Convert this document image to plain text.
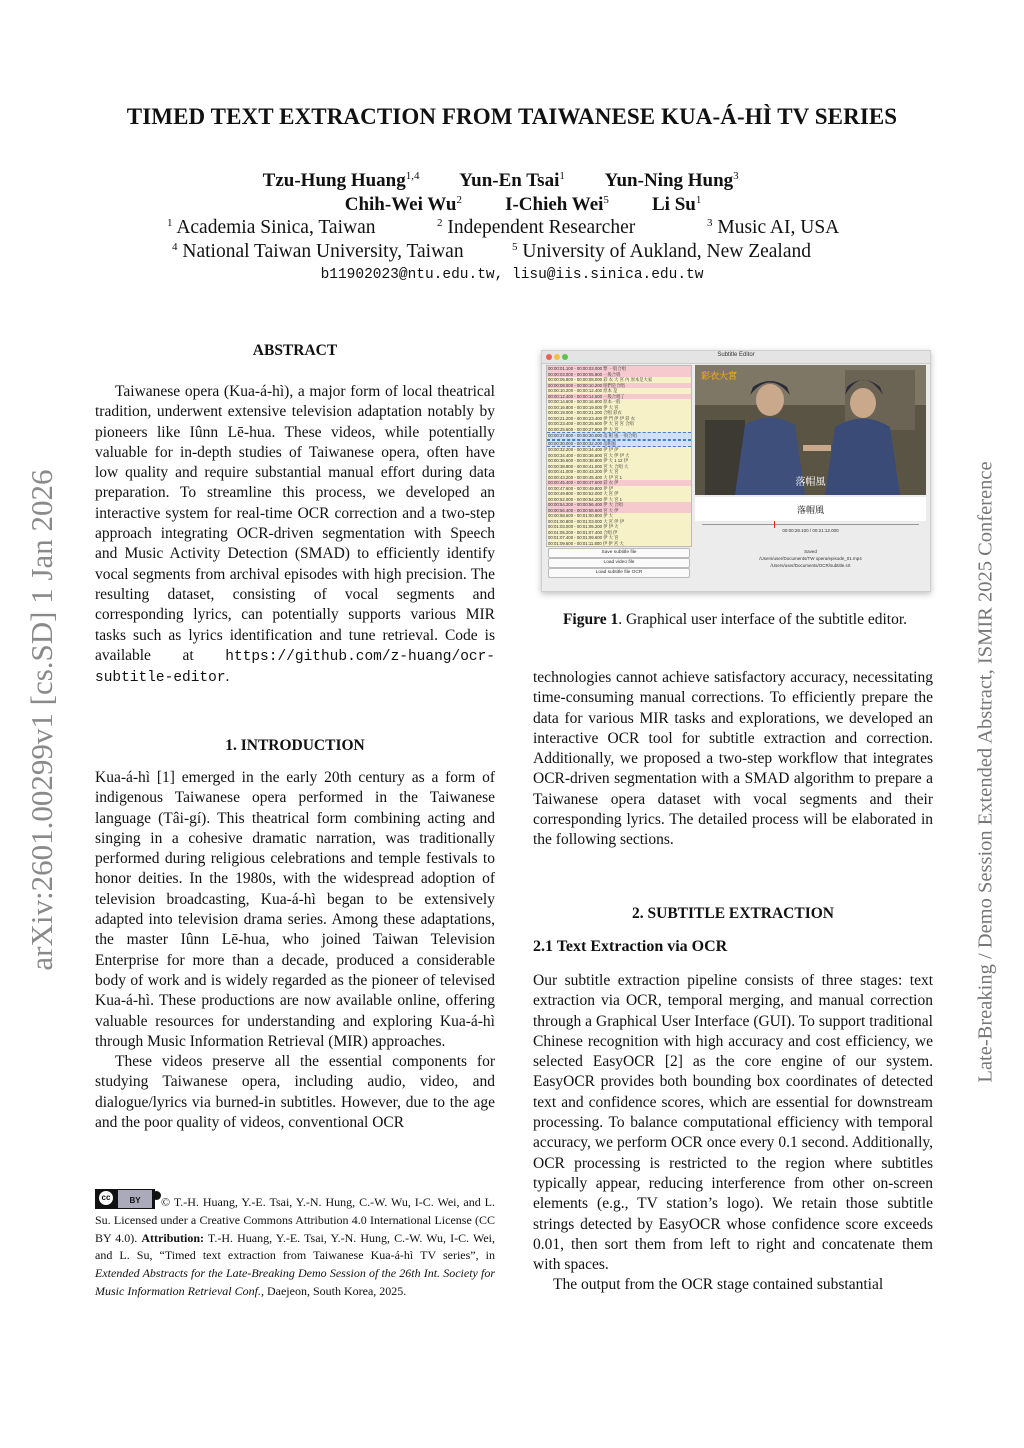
arXiv:2601.00299v1 [cs.SD] 1 Jan 2026	Late-Breaking / Demo Session Extended Abstract, ISMIR 2025 Conference
TIMED TEXT EXTRACTION FROM TAIWANESE KUA-Á-HÌ TV SERIES
Tzu-Hung Huang$^{1,4}$ Yun-En Tsai$^1$ Yun-Ning Hung$^3$
Chih-Wei Wu$^2$ I-Chieh Wei$^5$ Li Su$^1$
$^1$ Academia Sinica, Taiwan	$^2$ Independent Researcher	$^3$ Music AI, USA
$^4$ National Taiwan University, Taiwan	$^5$ University of Aukland, New Zealand
b11902023@ntu.edu.tw, lisu@iis.sinica.edu.tw
ABSTRACT

Taiwanese opera (Kua-á-hì), a major form of local theatrical tradition, underwent extensive television adaptation notably by pioneers like Iûnn Lē-hua. These videos, while potentially valuable for in-depth studies of Taiwanese opera, often have low quality and require substantial manual effort during data preparation. To streamline this process, we developed an interactive system for real-time OCR correction and a two-step approach integrating OCR-driven segmentation with Speech and Music Activity Detection (SMAD) to efficiently identify vocal segments from archival episodes with high precision. The resulting dataset, consisting of vocal segments and corresponding lyrics, can potentially supports various MIR tasks such as lyrics identification and tune retrieval. Code is available at https://github.com/z-huang/ocr-subtitle-editor.

1. INTRODUCTION

Kua-á-hì [1] emerged in the early 20th century as a form of indigenous Taiwanese opera performed in the Taiwanese language (Tâi-gí). This theatrical form combining acting and singing in a cohesive dramatic narration, was traditionally performed during religious celebrations and temple festivals to honor deities. In the 1980s, with the widespread adoption of television broadcasting, Kua-á-hì began to be extensively adapted into television drama series. Among these adaptations, the master Iûnn Lē-hua, who joined Taiwan Television Enterprise for more than a decade, produced a considerable body of work and is widely regarded as the pioneer of televised Kua-á-hì. These productions are now available online, offering valuable resources for understanding and exploring Kua-á-hì through Music Information Retrieval (MIR) approaches.

These videos preserve all the essential components for studying Taiwanese opera, including audio, video, and dialogue/lyrics via burned-in subtitles. However, due to the age and the poor quality of videos, conventional OCR

cc	BY	© T.-H. Huang, Y.-E. Tsai, Y.-N. Hung, C.-W. Wu, I-C. Wei, and L. Su. Licensed under a Creative Commons Attribution 4.0 International License (CC BY 4.0). Attribution: T.-H. Huang, Y.-E. Tsai, Y.-N. Hung, C.-W. Wu, I-C. Wei, and L. Su, “Timed text extraction from Taiwanese Kua-á-hì TV series”, in Extended Abstracts for the Late-Breaking Demo Session of the 26th Int. Society for Music Information Retrieval Conf., Daejeon, South Korea, 2025.
Subtitle Editor
00:00:01.100 - 00:00:03.000 繁 一般合唱
00:00:03.000 - 00:00:05.800 一般合唱
00:00:05.800 - 00:00:08.000 彩 衣 大 宮 內 原本是大家
00:00:08.000 - 00:00:10.200 咱們是合唱
00:00:10.200 - 00:00:12.400 原本 是
00:00:12.400 - 00:00:14.600 一般合唱了
00:00:14.600 - 00:00:16.800 原本一般
00:00:16.800 - 00:00:19.000 伊 大 宮
00:00:19.000 - 00:00:21.200 合唱 彩衣
00:00:21.200 - 00:00:23.400 伊 門 伊 伊 彩 衣
00:00:23.400 - 00:00:25.600 伊 大 宮 宮 合唱
00:00:25.600 - 00:00:27.800 伊 大 宮
00:00:27.800 - 00:00:30.000 落 帽 風 一般合唱
00:00:30.000 - 00:00:32.200 落帽風
00:00:32.200 - 00:00:34.400 伊 伊 伊
00:00:34.400 - 00:00:36.600 宮 大 伊 伊 大
00:00:36.600 - 00:00:38.800 伊 大 1 12 伊
00:00:38.800 - 00:00:41.000 宮 大 合唱 大
00:00:41.000 - 00:00:43.200 伊 大 宮
00:00:43.200 - 00:00:45.400 大 伊 宮 1
00:00:45.400 - 00:00:47.600 彩 衣 伊
00:00:47.600 - 00:00:49.800 伊 伊
00:00:49.800 - 00:00:52.000 大 宮 伊
00:00:52.000 - 00:00:54.200 伊 大 宮 1
00:00:54.200 - 00:00:56.400 伊 大 合唱
00:00:56.400 - 00:00:58.600 宮 大 伊
00:00:58.600 - 00:01:00.800 伊 大
00:01:00.800 - 00:01:03.000 大 宮 伊 伊
00:01:03.000 - 00:01:05.200 伊 伊 大
00:01:05.200 - 00:01:07.400 合唱 伊
00:01:07.400 - 00:01:09.600 伊 大 宮
00:01:09.600 - 00:01:11.800 伊 伊 宮 大
Save subtitle file
Load video file
Load subtitle file OCR
彩衣大宮
落帽風
落帽風
00:00:28.100 / 00:21:12.000
Saved
/Users/user/Documents/TW opera/episode_01.mp4
/Users/user/Documents/OCR/subtitle.srt
Figure 1. Graphical user interface of the subtitle editor.

technologies cannot achieve satisfactory accuracy, necessitating time-consuming manual corrections. To efficiently prepare the data for various MIR tasks and explorations, we developed an interactive OCR tool for subtitle extraction and correction. Additionally, we proposed a two-step workflow that integrates OCR-driven segmentation with a SMAD algorithm to prepare a Taiwanese opera dataset with vocal segments and their corresponding lyrics. The detailed process will be elaborated in the following sections.

2. SUBTITLE EXTRACTION
2.1 Text Extraction via OCR

Our subtitle extraction pipeline consists of three stages: text extraction via OCR, temporal merging, and manual correction through a Graphical User Interface (GUI). To support traditional Chinese recognition with high accuracy and cost efficiency, we selected EasyOCR [2] as the core engine of our system. EasyOCR provides both bounding box coordinates of detected text and confidence scores, which are essential for downstream processing. To balance computational efficiency with temporal accuracy, we perform OCR once every 0.1 second. Additionally, OCR processing is restricted to the region where subtitles typically appear, reducing interference from other on-screen elements (e.g., TV station’s logo). We retain those subtitle strings detected by EasyOCR whose confidence score exceeds 0.01, then sort them from left to right and concatenate them with spaces.

The output from the OCR stage contained substantial
